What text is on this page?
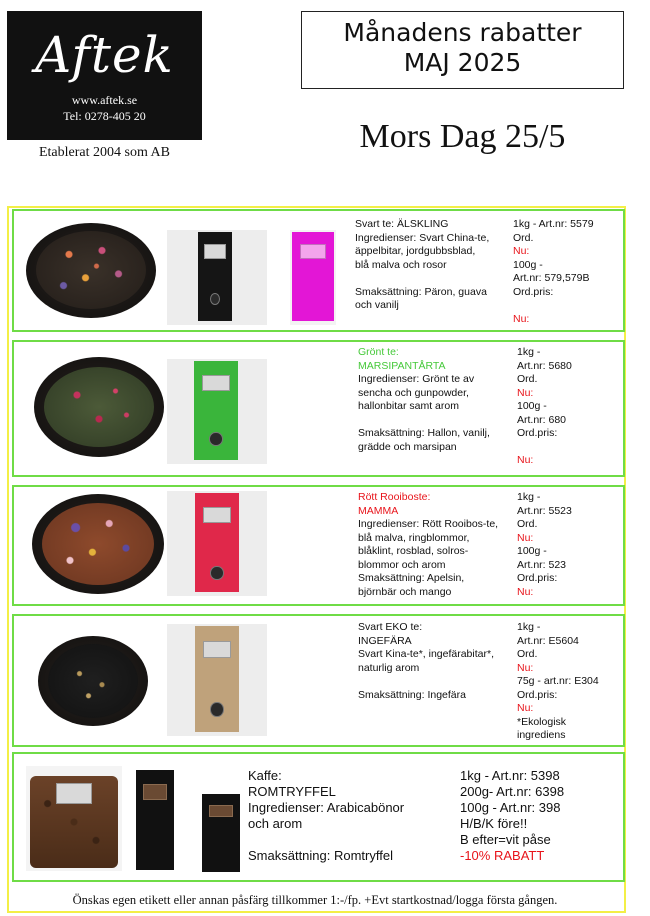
Aftek
www.aftek.se
Tel: 0278-405 20
Etablerat 2004 som AB
Månadens rabatter
MAJ 2025
Mors Dag 25/5
Svart te: ÄLSKLING
Ingredienser: Svart China-te,
äppelbitar, jordgubbsblad,
blå malva och rosor
Smaksättning: Päron, guava
och vanilj
1kg - Art.nr: 5579
Ord.
Nu:
100g -
Art.nr: 579,579B
Ord.pris:
Nu:
Grönt te:
MARSIPANTÅRTA
Ingredienser: Grönt te av
sencha och gunpowder,
hallonbitar samt arom
Smaksättning: Hallon, vanilj,
grädde och marsipan
1kg -
Art.nr: 5680
Ord.
Nu:
100g -
Art.nr: 680
Ord.pris:
Nu:
Rött Rooiboste:
MAMMA
Ingredienser: Rött Rooibos-te,
blå malva, ringblommor,
blåklint, rosblad, solros-
blommor och arom
Smaksättning: Apelsin,
björnbär och mango
1kg -
Art.nr: 5523
Ord.
Nu:
100g -
Art.nr: 523
Ord.pris:
Nu:
Svart EKO te:
INGEFÄRA
Svart Kina-te*, ingefärabitar*,
naturlig arom
Smaksättning: Ingefära
1kg -
Art.nr: E5604
Ord.
Nu:
75g - art.nr: E304
Ord.pris:
Nu:
*Ekologisk
ingrediens
Kaffe:
ROMTRYFFEL
Ingredienser: Arabicabönor
och arom
Smaksättning: Romtryffel
1kg - Art.nr: 5398
200g- Art.nr: 6398
100g - Art.nr: 398
H/B/K före!!
B efter=vit påse
-10% RABATT
Önskas egen etikett eller annan påsfärg tillkommer 1:-/fp. +Evt startkostnad/logga första gången.
